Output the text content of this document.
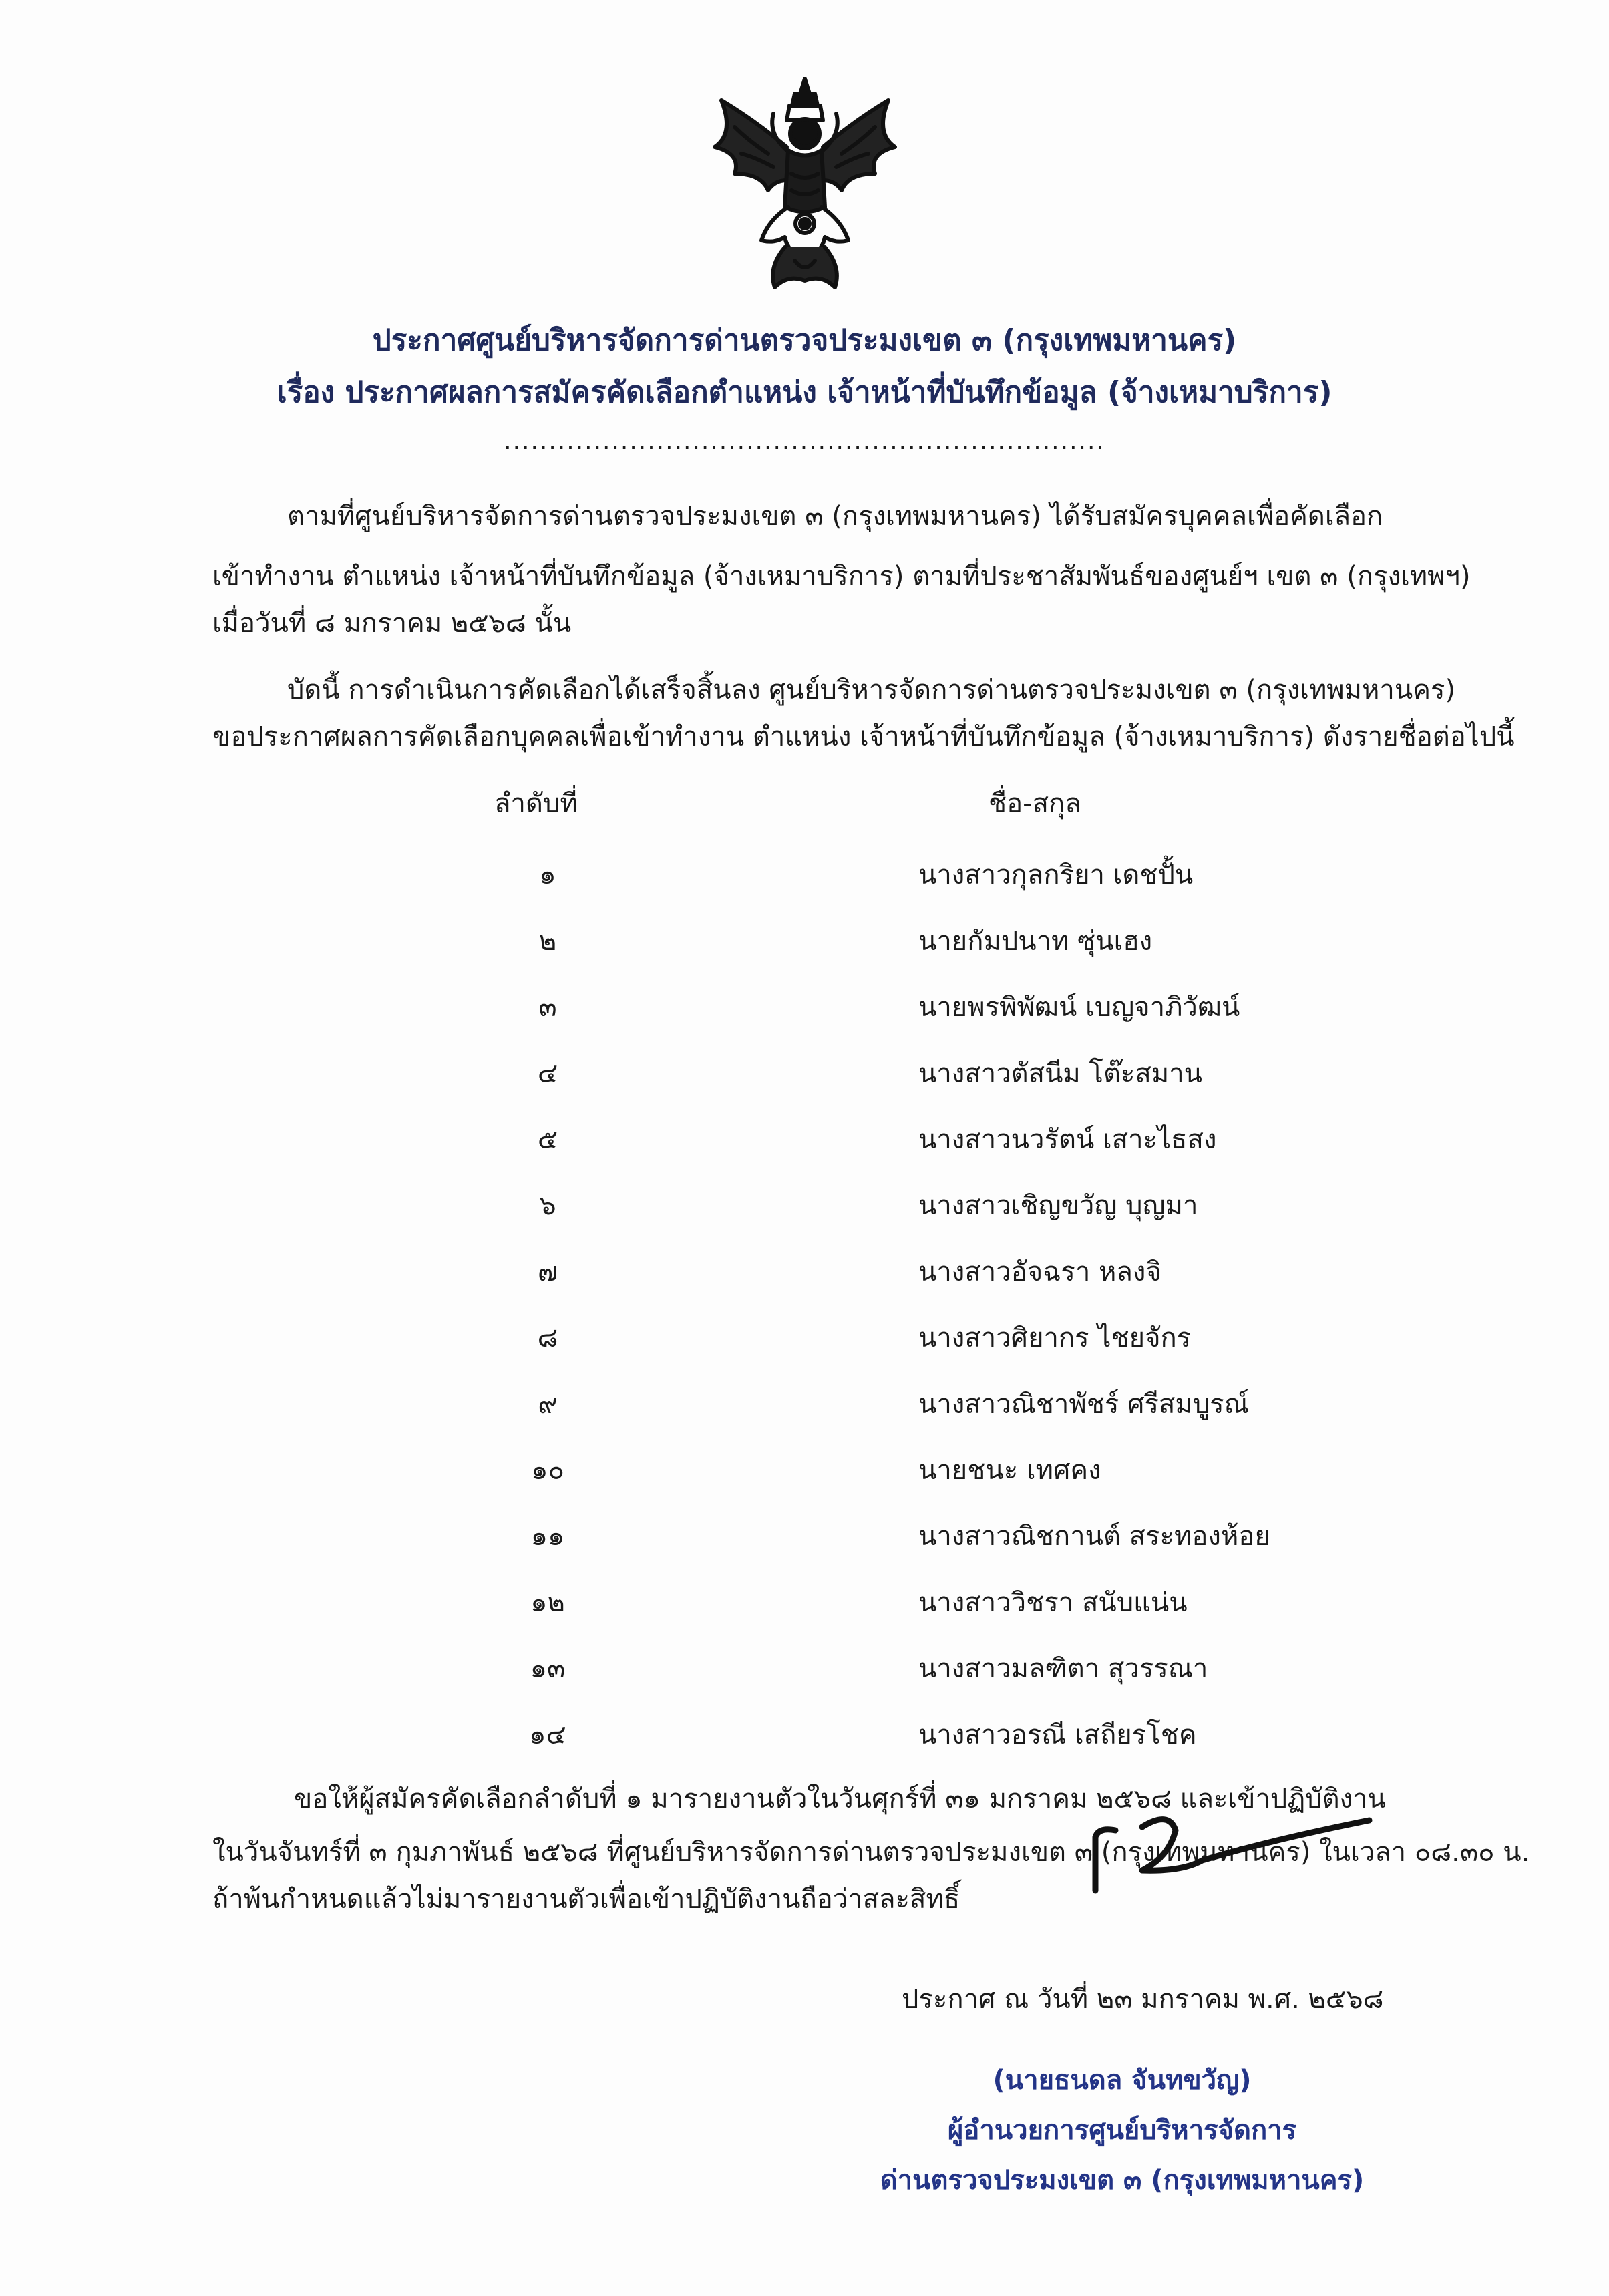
ประกาศศูนย์บริหารจัดการด่านตรวจประมงเขต ๓ (กรุงเทพมหานคร)
เรื่อง ประกาศผลการสมัครคัดเลือกตำแหน่ง เจ้าหน้าที่บันทึกข้อมูล (จ้างเหมาบริการ)
...................................................................
ตามที่ศูนย์บริหารจัดการด่านตรวจประมงเขต ๓ (กรุงเทพมหานคร) ได้รับสมัครบุคคลเพื่อคัดเลือก
เข้าทำงาน ตำแหน่ง เจ้าหน้าที่บันทึกข้อมูล (จ้างเหมาบริการ) ตามที่ประชาสัมพันธ์ของศูนย์ฯ เขต ๓ (กรุงเทพฯ)
เมื่อวันที่ ๘ มกราคม ๒๕๖๘ นั้น
บัดนี้ การดำเนินการคัดเลือกได้เสร็จสิ้นลง ศูนย์บริหารจัดการด่านตรวจประมงเขต ๓ (กรุงเทพมหานคร)
ขอประกาศผลการคัดเลือกบุคคลเพื่อเข้าทำงาน ตำแหน่ง เจ้าหน้าที่บันทึกข้อมูล (จ้างเหมาบริการ) ดังรายชื่อต่อไปนี้
ลำดับที่	ชื่อ-สกุล
๑	นางสาวกุลกริยา เดชปั้น
๒	นายกัมปนาท ซุ่นเฮง
๓	นายพรพิพัฒน์ เบญจาภิวัฒน์
๔	นางสาวตัสนีม โต๊ะสมาน
๕	นางสาวนวรัตน์ เสาะไธสง
๖	นางสาวเชิญขวัญ บุญมา
๗	นางสาวอัจฉรา หลงจิ
๘	นางสาวศิยากร ไชยจักร
๙	นางสาวณิชาพัชร์ ศรีสมบูรณ์
๑๐	นายชนะ เทศคง
๑๑	นางสาวณิชกานต์ สระทองห้อย
๑๒	นางสาววิชรา สนับแน่น
๑๓	นางสาวมลฑิตา สุวรรณา
๑๔	นางสาวอรณี เสถียรโชค
ขอให้ผู้สมัครคัดเลือกลำดับที่ ๑ มารายงานตัวในวันศุกร์ที่ ๓๑ มกราคม ๒๕๖๘ และเข้าปฏิบัติงาน
ในวันจันทร์ที่ ๓ กุมภาพันธ์ ๒๕๖๘ ที่ศูนย์บริหารจัดการด่านตรวจประมงเขต ๓ (กรุงเทพมหานคร) ในเวลา ๐๘.๓๐ น.
ถ้าพ้นกำหนดแล้วไม่มารายงานตัวเพื่อเข้าปฏิบัติงานถือว่าสละสิทธิ์
ประกาศ ณ วันที่ ๒๓ มกราคม พ.ศ. ๒๕๖๘
(นายธนดล จันทขวัญ)
ผู้อำนวยการศูนย์บริหารจัดการ
ด่านตรวจประมงเขต ๓ (กรุงเทพมหานคร)
